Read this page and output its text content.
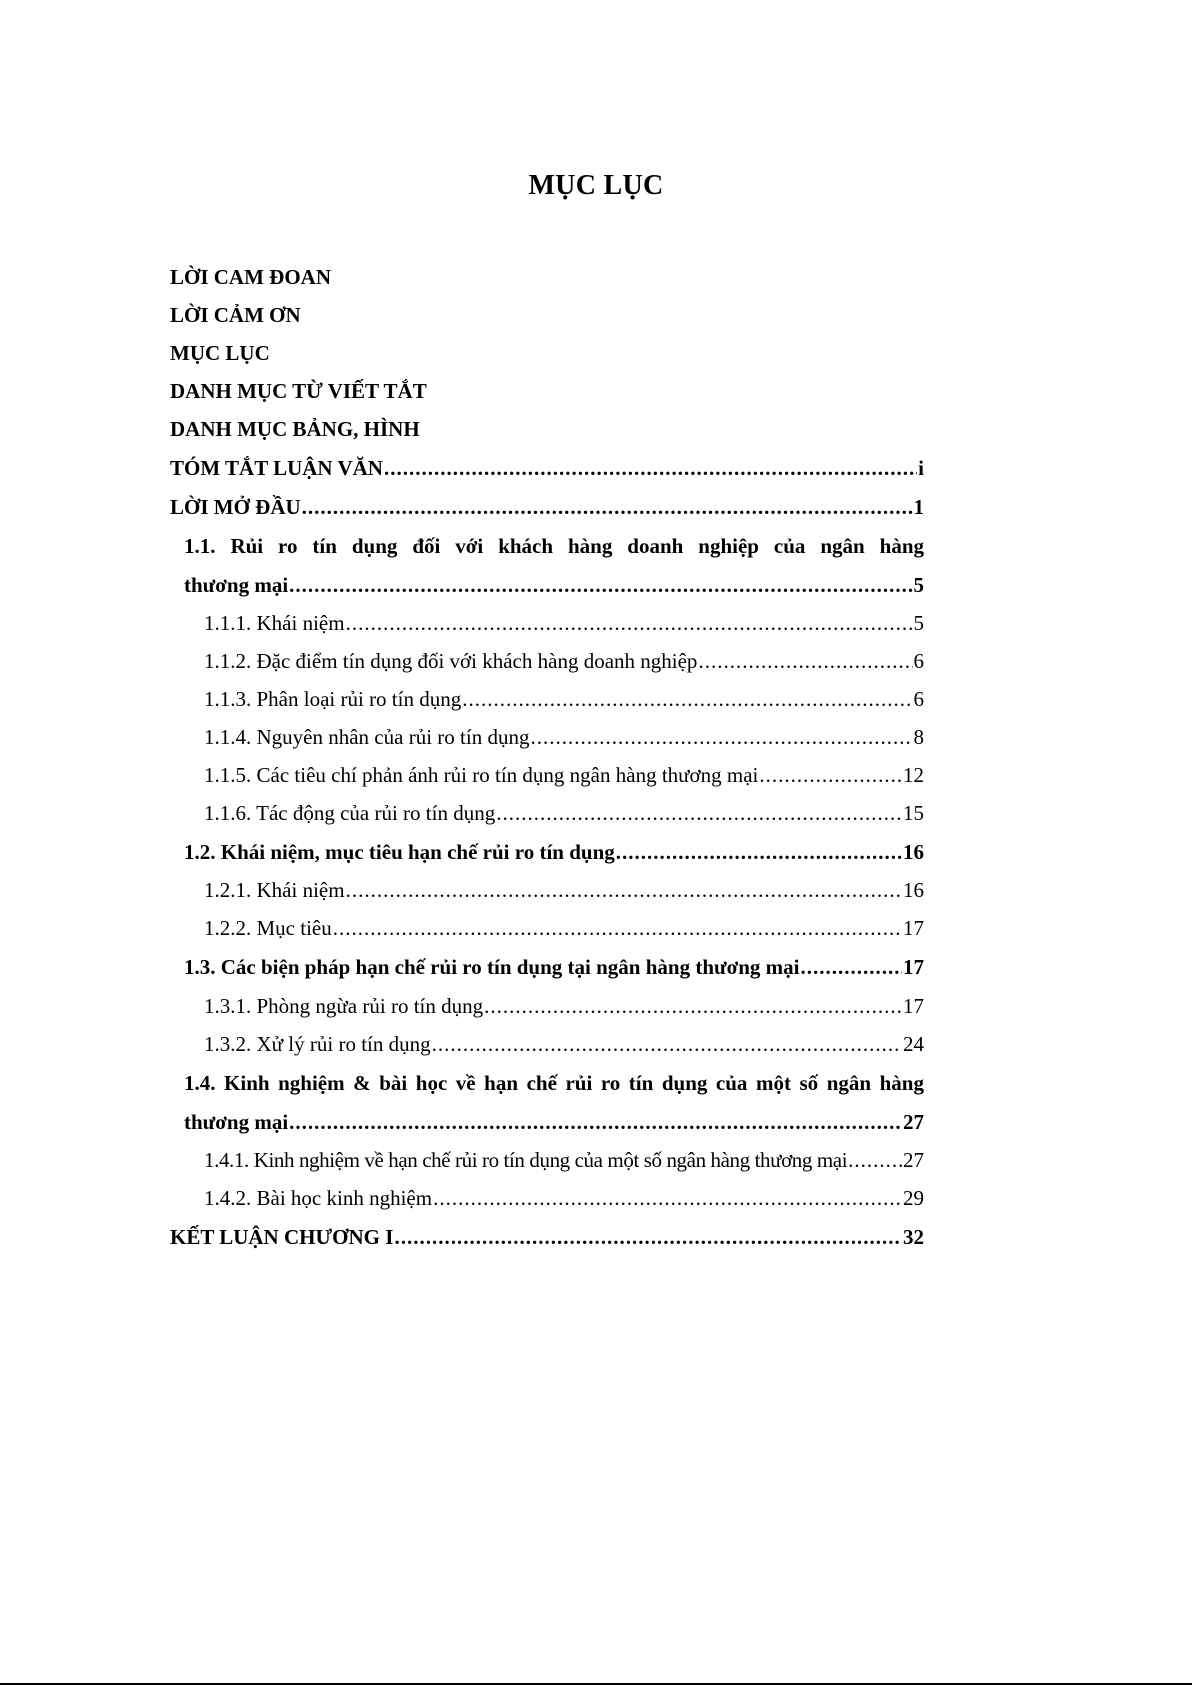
MỤC LỤC
LỜI CAM ĐOAN
LỜI CẢM ƠN
MỤC LỤC
DANH MỤC TỪ VIẾT TẮT
DANH MỤC BẢNG, HÌNH
TÓM TẮT LUẬN VĂN .....	i
LỜI MỞ ĐẦU .....	1
1.1. Rủi ro tín dụng đối với khách hàng doanh nghiệp của ngân hàng
thương mại .....	5
1.1.1. Khái niệm .....	5
1.1.2. Đặc điểm tín dụng đối với khách hàng doanh nghiệp .....	6
1.1.3. Phân loại rủi ro tín dụng .....	6
1.1.4. Nguyên nhân của rủi ro tín dụng .....	8
1.1.5. Các tiêu chí phản ánh rủi ro tín dụng ngân hàng thương mại .....	12
1.1.6. Tác động của rủi ro tín dụng .....	15
1.2. Khái niệm, mục tiêu hạn chế rủi ro tín dụng .....	16
1.2.1. Khái niệm .....	16
1.2.2. Mục tiêu .....	17
1.3. Các biện pháp hạn chế rủi ro tín dụng tại ngân hàng thương mại .....	17
1.3.1. Phòng ngừa rủi ro tín dụng .....	17
1.3.2. Xử lý rủi ro tín dụng .....	24
1.4. Kinh nghiệm & bài học về hạn chế rủi ro tín dụng của một số ngân hàng
thương mại .....	27
1.4.1. Kinh nghiệm về hạn chế rủi ro tín dụng của một số ngân hàng thương mại .....	27
1.4.2. Bài học kinh nghiệm .....	29
KẾT LUẬN CHƯƠNG I .....	32
